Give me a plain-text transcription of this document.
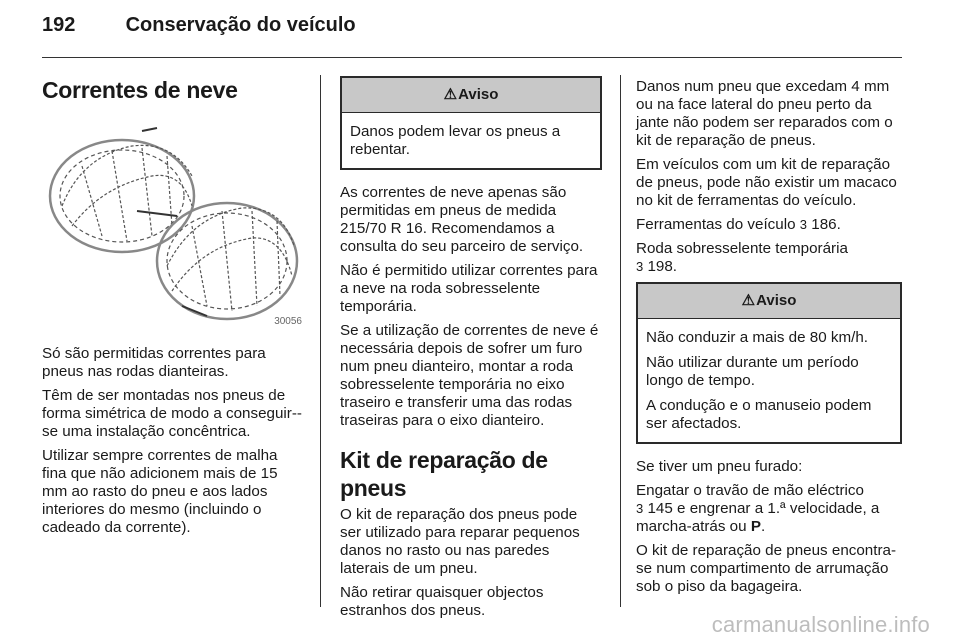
192	Conservação do veículo
Correntes de neve
30056

Só são permitidas correntes para pneus nas rodas dianteiras.

Têm de ser montadas nos pneus de forma simétrica de modo a conseguir--se uma instalação concêntrica.

Utilizar sempre correntes de malha fina que não adicionem mais de 15 mm ao rasto do pneu e aos lados interiores do mesmo (incluindo o cadeado da corrente).

⚠Aviso

Danos podem levar os pneus a rebentar.

As correntes de neve apenas são permitidas em pneus de medida 215/70 R 16. Recomendamos a consulta do seu parceiro de serviço.

Não é permitido utilizar correntes para a neve na roda sobresselente temporária.

Se a utilização de correntes de neve é necessária depois de sofrer um furo num pneu dianteiro, montar a roda sobresselente temporária no eixo traseiro e transferir uma das rodas traseiras para o eixo dianteiro.

Kit de reparação de pneus

O kit de reparação dos pneus pode ser utilizado para reparar pequenos danos no rasto ou nas paredes laterais de um pneu.

Não retirar quaisquer objectos estranhos dos pneus.

Danos num pneu que excedam 4 mm ou na face lateral do pneu perto da jante não podem ser reparados com o kit de reparação de pneus.

Em veículos com um kit de reparação de pneus, pode não existir um macaco no kit de ferramentas do veículo.

Ferramentas do veículo 3 186.

Roda sobresselente temporária
3 198.

⚠Aviso

Não conduzir a mais de 80 km/h.

Não utilizar durante um período longo de tempo.

A condução e o manuseio podem ser afectados.

Se tiver um pneu furado:

Engatar o travão de mão eléctrico
3 145 e engrenar a 1.ª velocidade, a marcha-atrás ou P.

O kit de reparação de pneus encontra-se num compartimento de arrumação sob o piso da bagageira.

carmanualsonline.info
